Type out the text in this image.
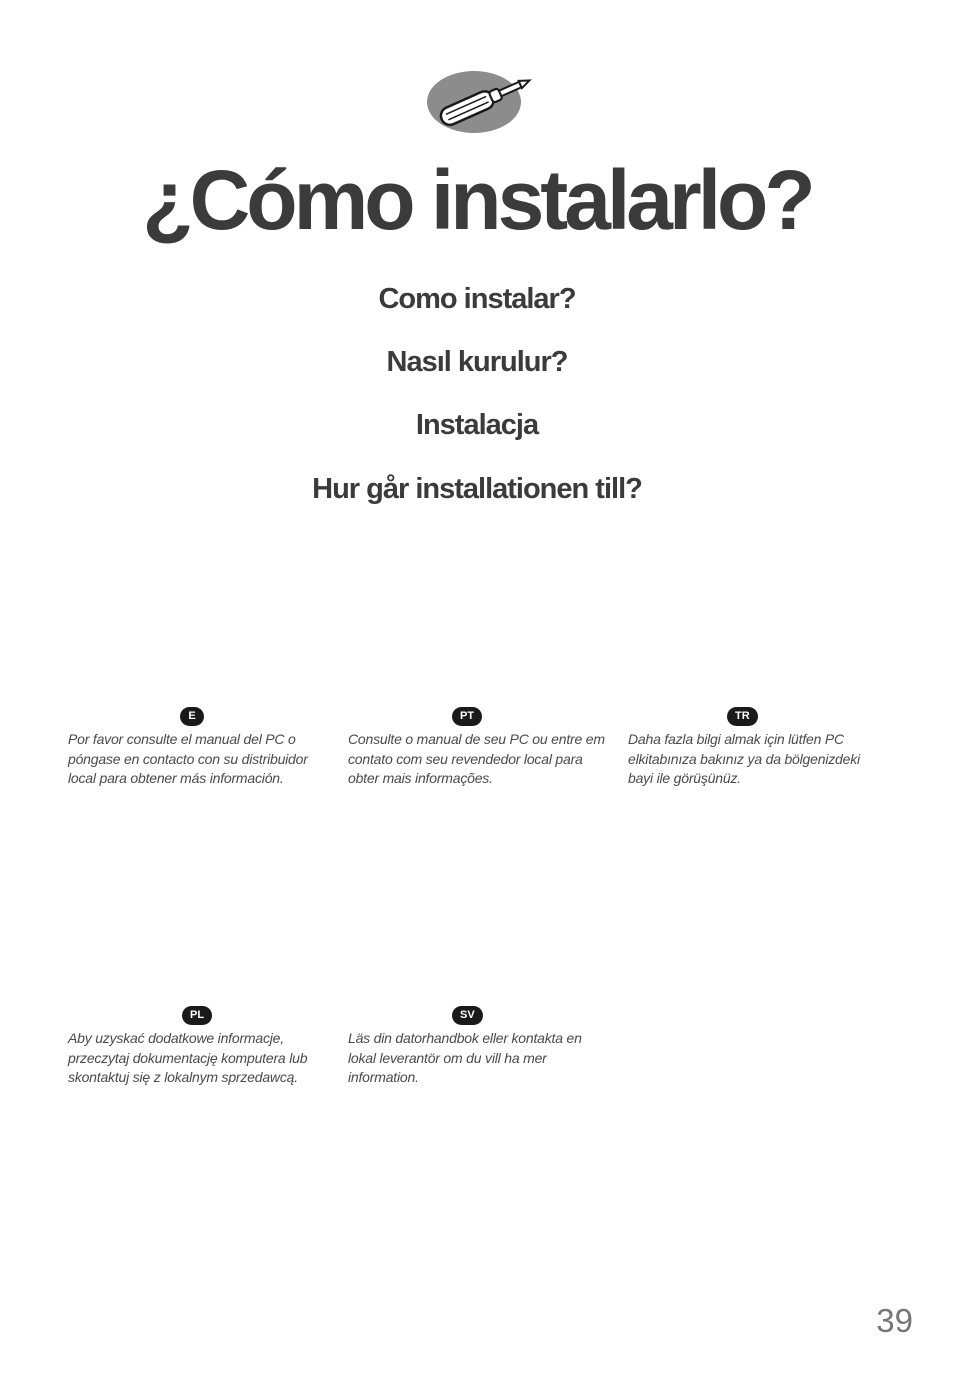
¿Cómo instalarlo?
Como instalar?
Nasıl kurulur?
Instalacja
Hur går installationen till?
E

Por favor consulte el manual del PC o póngase en contacto con su distribuidor local para obtener más información.

PT

Consulte o manual de seu PC ou entre em contato com seu revendedor local para obter mais informações.

TR

Daha fazla bilgi almak için lütfen PC elkitabınıza bakınız ya da bölgenizdeki bayi ile görüşünüz.

PL

Aby uzyskać dodatkowe informacje, przeczytaj dokumentację komputera lub skontaktuj się z lokalnym sprzedawcą.

SV

Läs din datorhandbok eller kontakta en lokal leverantör om du vill ha mer information.

39
